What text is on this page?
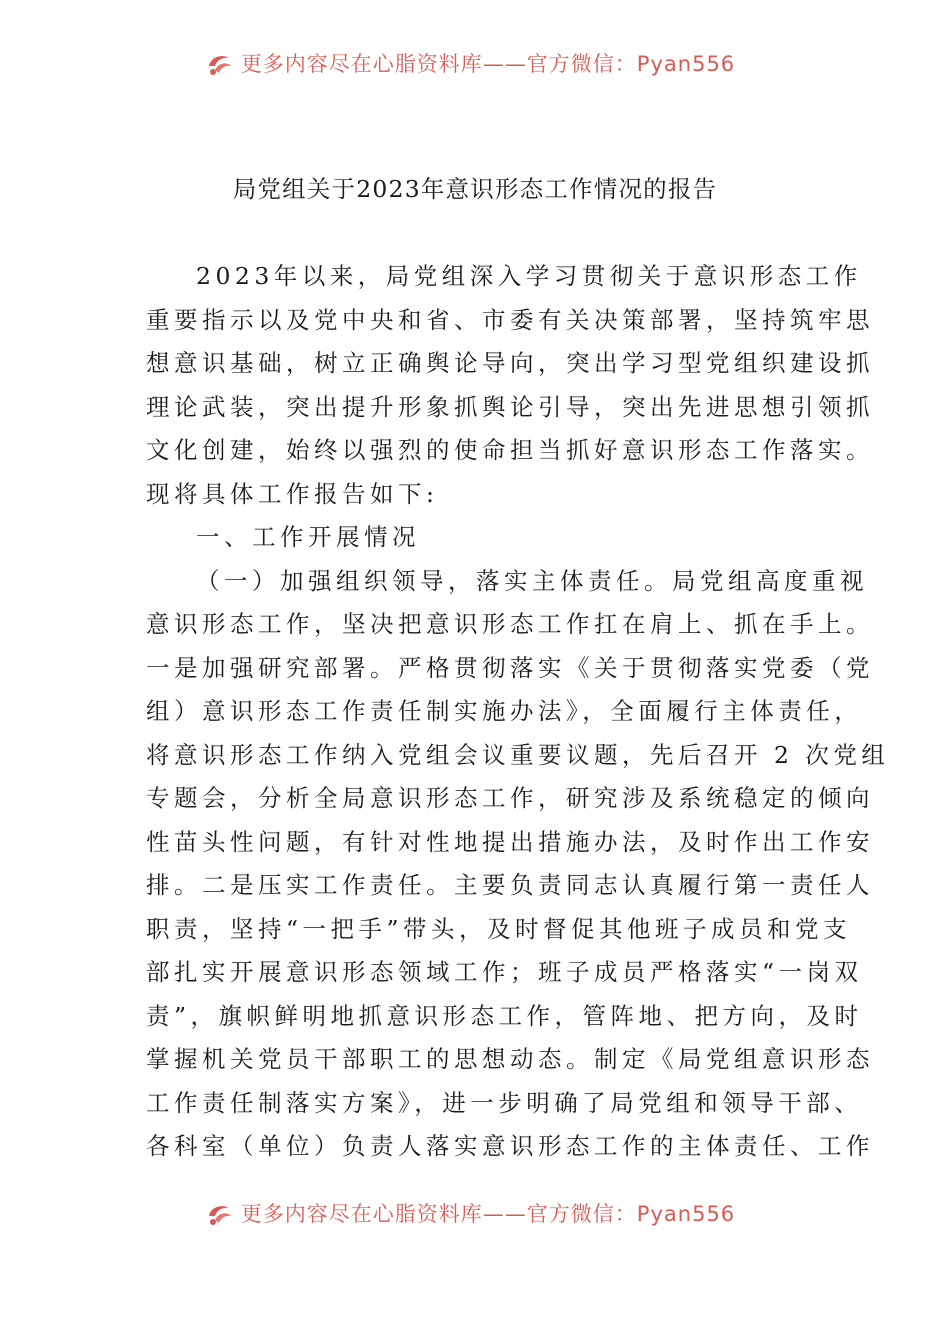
更多内容尽在心脂资料库——官方微信：Pyan556
局党组关于2023年意识形态工作情况的报告
2023年以来，局党组深入学习贯彻关于意识形态工作
重要指示以及党中央和省、市委有关决策部署，坚持筑牢思
想意识基础，树立正确舆论导向，突出学习型党组织建设抓
理论武装，突出提升形象抓舆论引导，突出先进思想引领抓
文化创建，始终以强烈的使命担当抓好意识形态工作落实。
现将具体工作报告如下:
一、工作开展情况
（一）加强组织领导，落实主体责任。局党组高度重视
意识形态工作，坚决把意识形态工作扛在肩上、抓在手上。
一是加强研究部署。严格贯彻落实《关于贯彻落实党委（党
组）意识形态工作责任制实施办法》，全面履行主体责任，
将意识形态工作纳入党组会议重要议题，先后召开 2 次党组
专题会，分析全局意识形态工作，研究涉及系统稳定的倾向
性苗头性问题，有针对性地提出措施办法，及时作出工作安
排。二是压实工作责任。主要负责同志认真履行第一责任人
职责，坚持“一把手”带头，及时督促其他班子成员和党支
部扎实开展意识形态领域工作；班子成员严格落实“一岗双
责”，旗帜鲜明地抓意识形态工作，管阵地、把方向，及时
掌握机关党员干部职工的思想动态。制定《局党组意识形态
工作责任制落实方案》，进一步明确了局党组和领导干部、
各科室（单位）负责人落实意识形态工作的主体责任、工作
更多内容尽在心脂资料库——官方微信：Pyan556
